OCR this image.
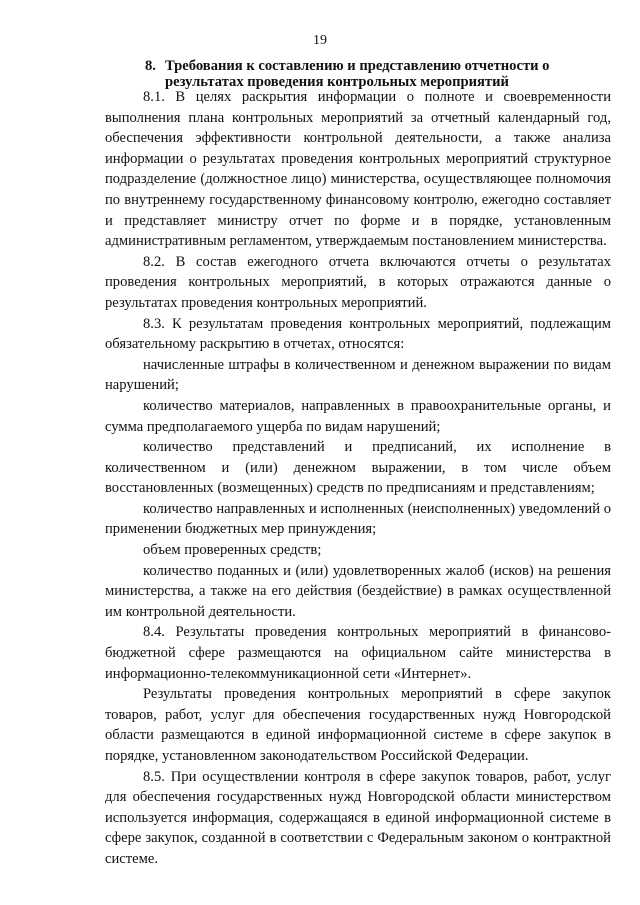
19
8. Требования к составлению и представлению отчетности о результатах проведения контрольных мероприятий

8.1. В целях раскрытия информации о полноте и своевременности выполнения плана контрольных мероприятий за отчетный календарный год, обеспечения эффективности контрольной деятельности, а также анализа информации о результатах проведения контрольных мероприятий структурное подразделение (должностное лицо) министерства, осуществляющее полномочия по внутреннему государственному финансовому контролю, ежегодно составляет и представляет министру отчет по форме и в порядке, установленным административным регламентом, утверждаемым постановлением министерства.

8.2. В состав ежегодного отчета включаются отчеты о результатах проведения контрольных мероприятий, в которых отражаются данные о результатах проведения контрольных мероприятий.

8.3. К результатам проведения контрольных мероприятий, подлежащим обязательному раскрытию в отчетах, относятся:

начисленные штрафы в количественном и денежном выражении по видам нарушений;

количество материалов, направленных в правоохранительные органы, и сумма предполагаемого ущерба по видам нарушений;

количество представлений и предписаний, их исполнение в количественном и (или) денежном выражении, в том числе объем восстановленных (возмещенных) средств по предписаниям и представлениям;

количество направленных и исполненных (неисполненных) уведомлений о применении бюджетных мер принуждения;

объем проверенных средств;

количество поданных и (или) удовлетворенных жалоб (исков) на решения министерства, а также на его действия (бездействие) в рамках осуществленной им контрольной деятельности.

8.4. Результаты проведения контрольных мероприятий в финансово-бюджетной сфере размещаются на официальном сайте министерства в информационно-телекоммуникационной сети «Интернет».

Результаты проведения контрольных мероприятий в сфере закупок товаров, работ, услуг для обеспечения государственных нужд Новгородской области размещаются в единой информационной системе в сфере закупок в порядке, установленном законодательством Российской Федерации.

8.5. При осуществлении контроля в сфере закупок товаров, работ, услуг для обеспечения государственных нужд Новгородской области министерством используется информация, содержащаяся в единой информационной системе в сфере закупок, созданной в соответствии с Федеральным законом о контрактной системе.
